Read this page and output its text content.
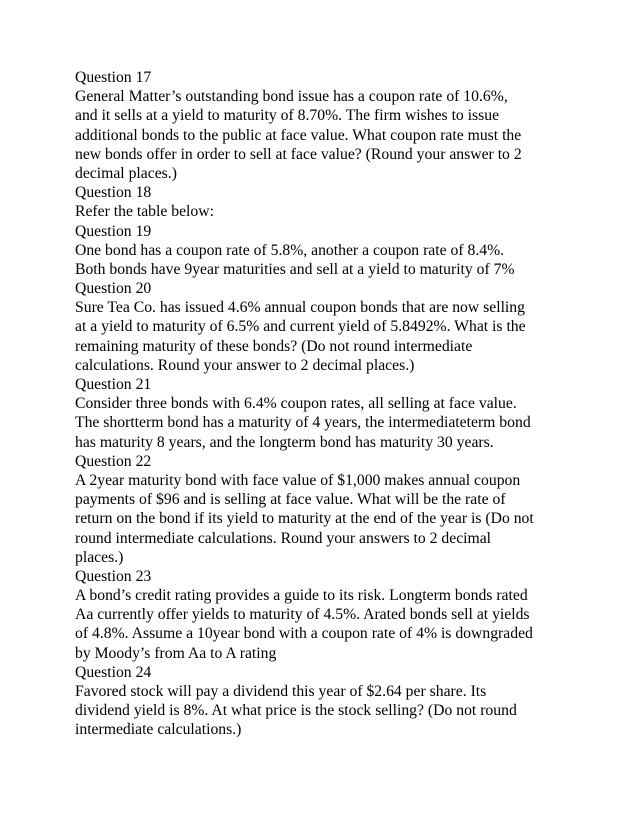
Question 17
General Matter’s outstanding bond issue has a coupon rate of 10.6%,
and it sells at a yield to maturity of 8.70%. The firm wishes to issue
additional bonds to the public at face value. What coupon rate must the
new bonds offer in order to sell at face value? (Round your answer to 2
decimal places.)
Question 18
Refer the table below:
Question 19
One bond has a coupon rate of 5.8%, another a coupon rate of 8.4%.
Both bonds have 9year maturities and sell at a yield to maturity of 7%
Question 20
Sure Tea Co. has issued 4.6% annual coupon bonds that are now selling
at a yield to maturity of 6.5% and current yield of 5.8492%. What is the
remaining maturity of these bonds? (Do not round intermediate
calculations. Round your answer to 2 decimal places.)
Question 21
Consider three bonds with 6.4% coupon rates, all selling at face value.
The shortterm bond has a maturity of 4 years, the intermediateterm bond
has maturity 8 years, and the longterm bond has maturity 30 years.
Question 22
A 2year maturity bond with face value of $1,000 makes annual coupon
payments of $96 and is selling at face value. What will be the rate of
return on the bond if its yield to maturity at the end of the year is (Do not
round intermediate calculations. Round your answers to 2 decimal
places.)
Question 23
A bond’s credit rating provides a guide to its risk. Longterm bonds rated
Aa currently offer yields to maturity of 4.5%. Arated bonds sell at yields
of 4.8%. Assume a 10year bond with a coupon rate of 4% is downgraded
by Moody’s from Aa to A rating
Question 24
Favored stock will pay a dividend this year of $2.64 per share. Its
dividend yield is 8%. At what price is the stock selling? (Do not round
intermediate calculations.)
